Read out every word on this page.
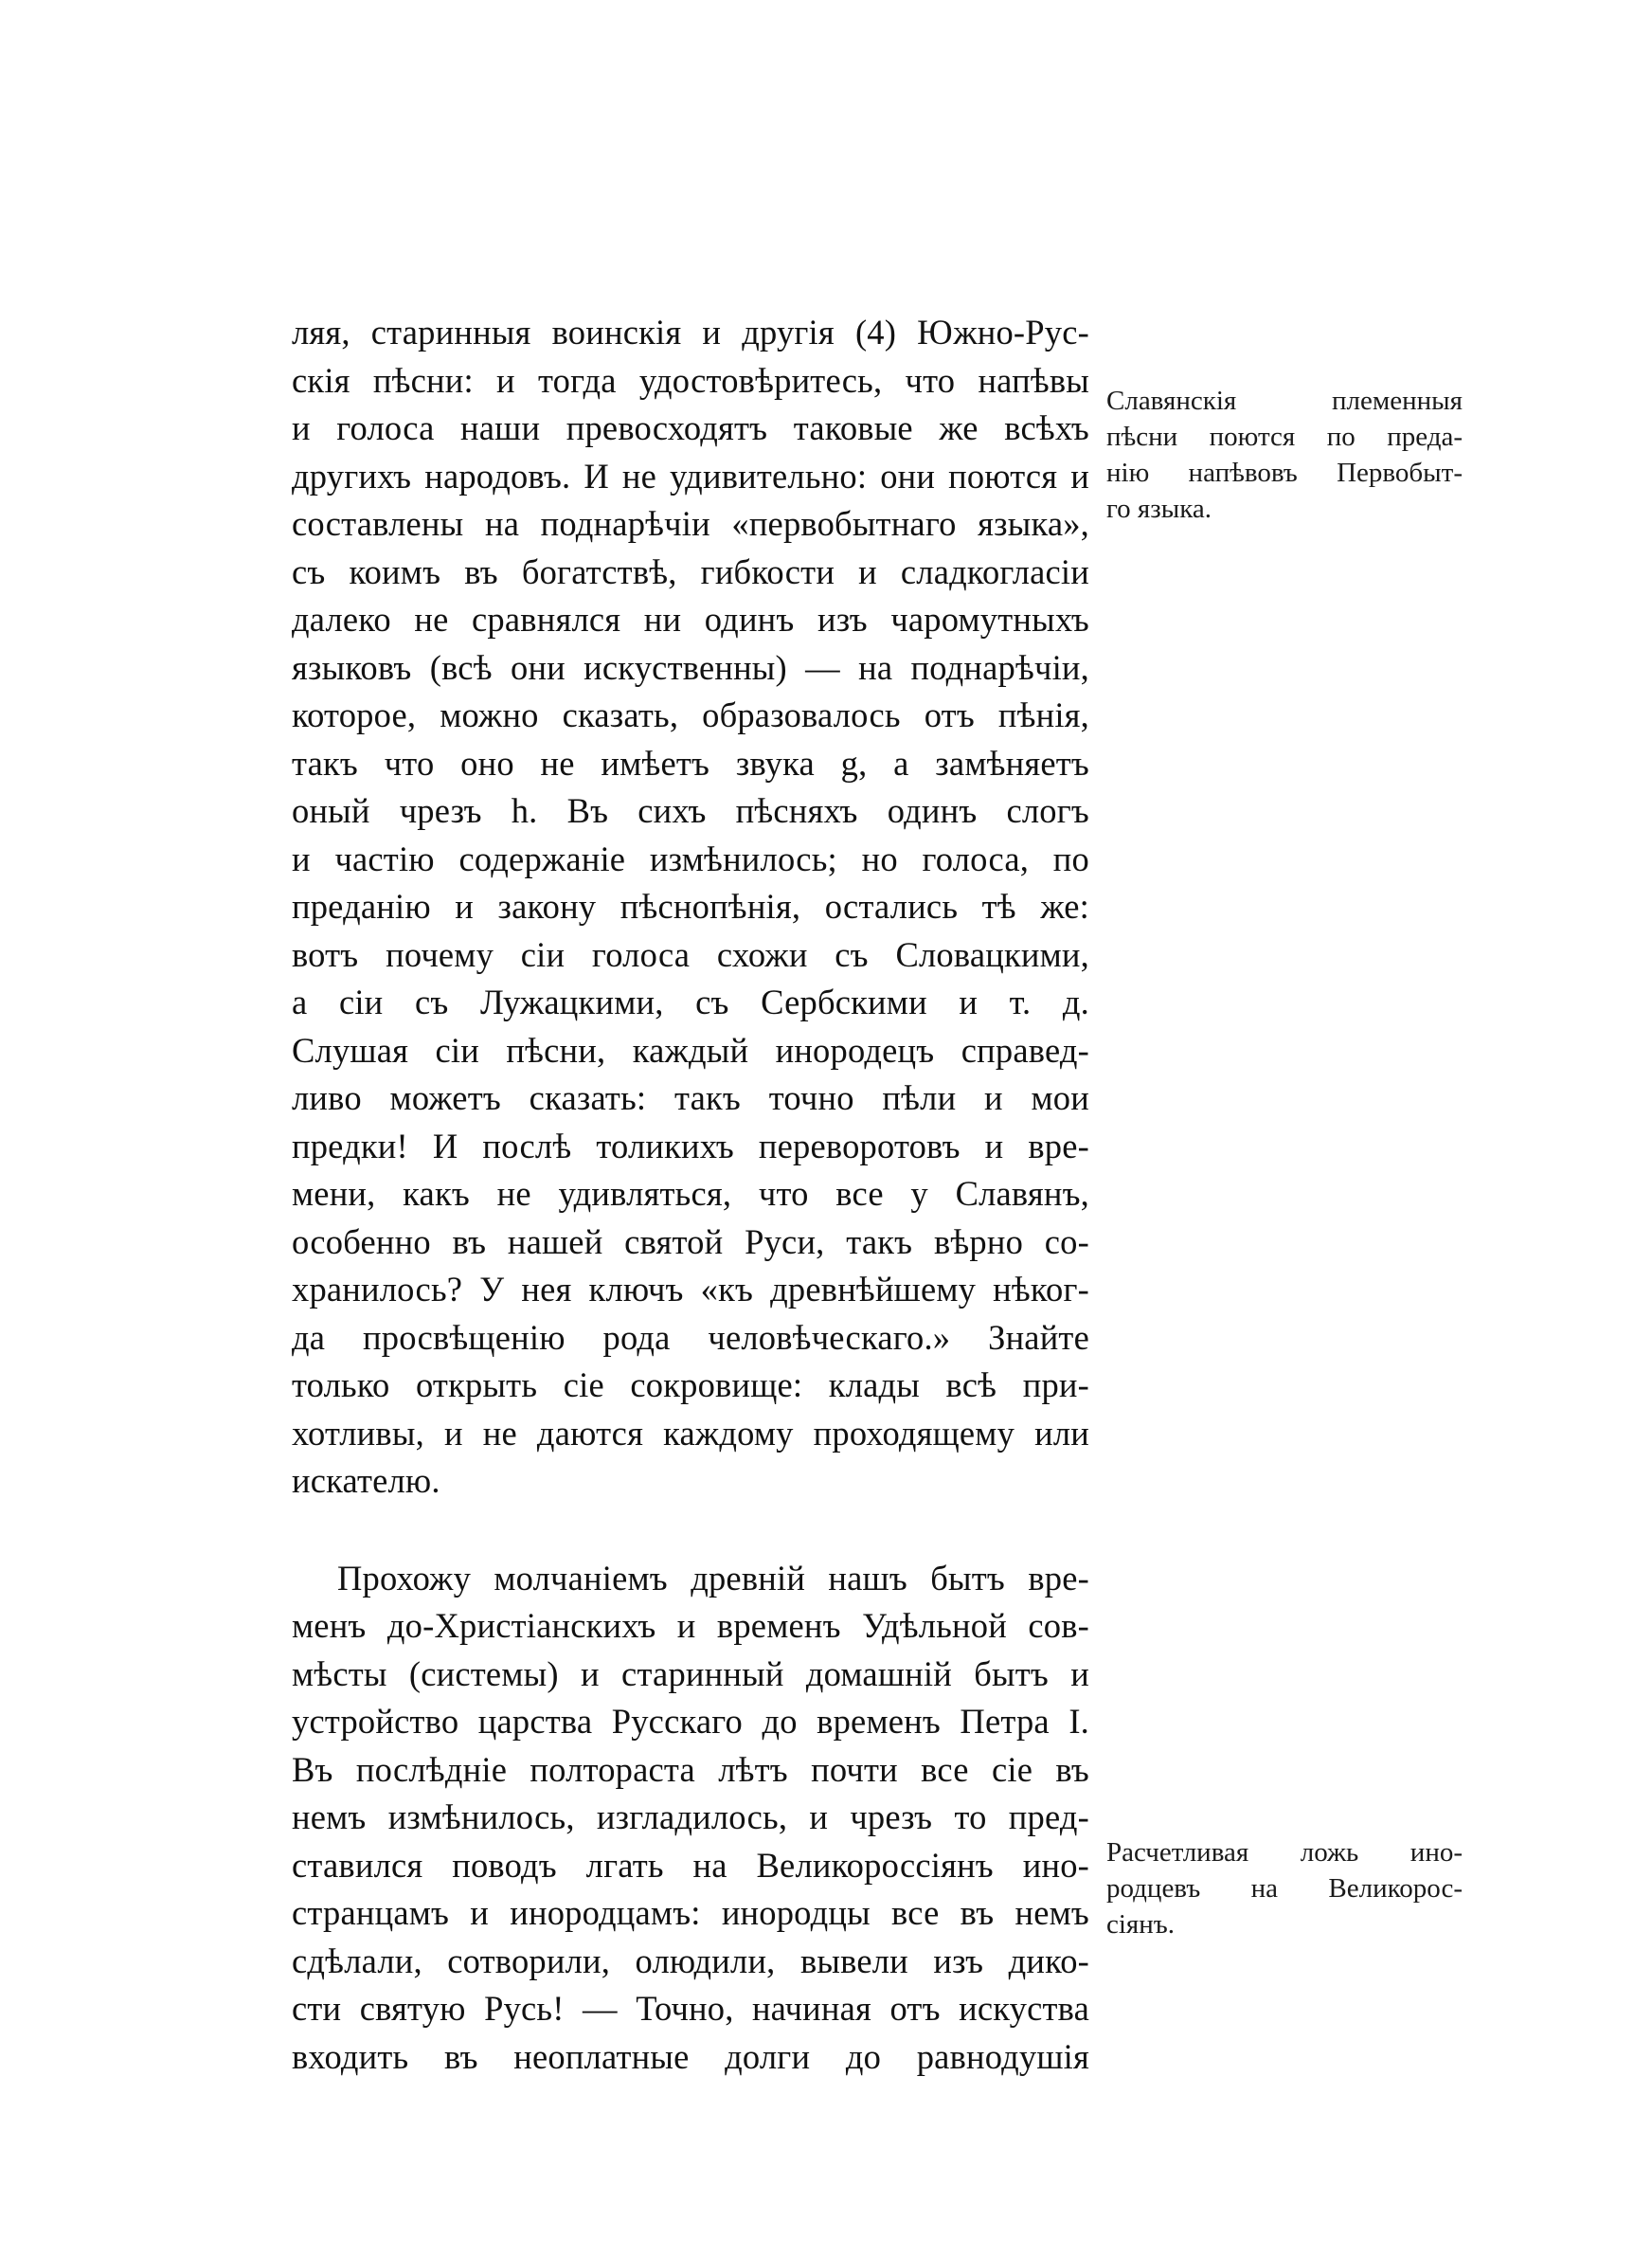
ляя, старинныя воинскія и другія (4) Южно-Рус-
скія пѣсни: и тогда удостовѣритесь, что напѣвы
и голоса наши превосходятъ таковые же всѣхъ
другихъ народовъ. И не удивительно: они поются и
составлены на поднарѣчіи «первобытнаго языка»,
съ коимъ въ богатствѣ, гибкости и сладкогласіи
далеко не сравнялся ни одинъ изъ чаромутныхъ
языковъ (всѣ они искуственны) — на поднарѣчіи,
которое, можно сказать, образовалось отъ пѣнія,
такъ что оно не имѣетъ звука g, а замѣняетъ
оный чрезъ h. Въ сихъ пѣсняхъ одинъ слогъ
и частію содержаніе измѣнилось; но голоса, по
преданію и закону пѣснопѣнія, остались тѣ же:
вотъ почему сіи голоса схожи съ Словацкими,
а сіи съ Лужацкими, съ Сербскими и т. д.
Слушая сіи пѣсни, каждый инородецъ справед-
ливо можетъ сказать: такъ точно пѣли и мои
предки! И послѣ толикихъ переворотовъ и вре-
мени, какъ не удивляться, что все у Славянъ,
особенно въ нашей святой Руси, такъ вѣрно со-
хранилось? У нея ключъ «къ древнѣйшему нѣког-
да просвѣщенію рода человѣческаго.» Знайте
только открыть сіе сокровище: клады всѣ при-
хотливы, и не даются каждому проходящему или
искателю.

Прохожу молчаніемъ древній нашъ бытъ вре-
менъ до-Христіанскихъ и временъ Удѣльной сов-
мѣсты (системы) и старинный домашній бытъ и
устройство царства Русскаго до временъ Петра I.
Въ послѣдніе полтораста лѣтъ почти все сіе въ
немъ измѣнилось, изгладилось, и чрезъ то пред-
ставился поводъ лгать на Великороссіянъ ино-
странцамъ и инородцамъ: инородцы все въ немъ
сдѣлали, сотворили, олюдили, вывели изъ дико-
сти святую Русь! — Точно, начиная отъ искуства
входить въ неоплатные долги до равнодушія

Славянскія племенныя
пѣсни поются по преда-
нію напѣвовъ Первобыт-
го языка.
Расчетливая ложь ино-
родцевъ на Великорос-
сіянъ.
